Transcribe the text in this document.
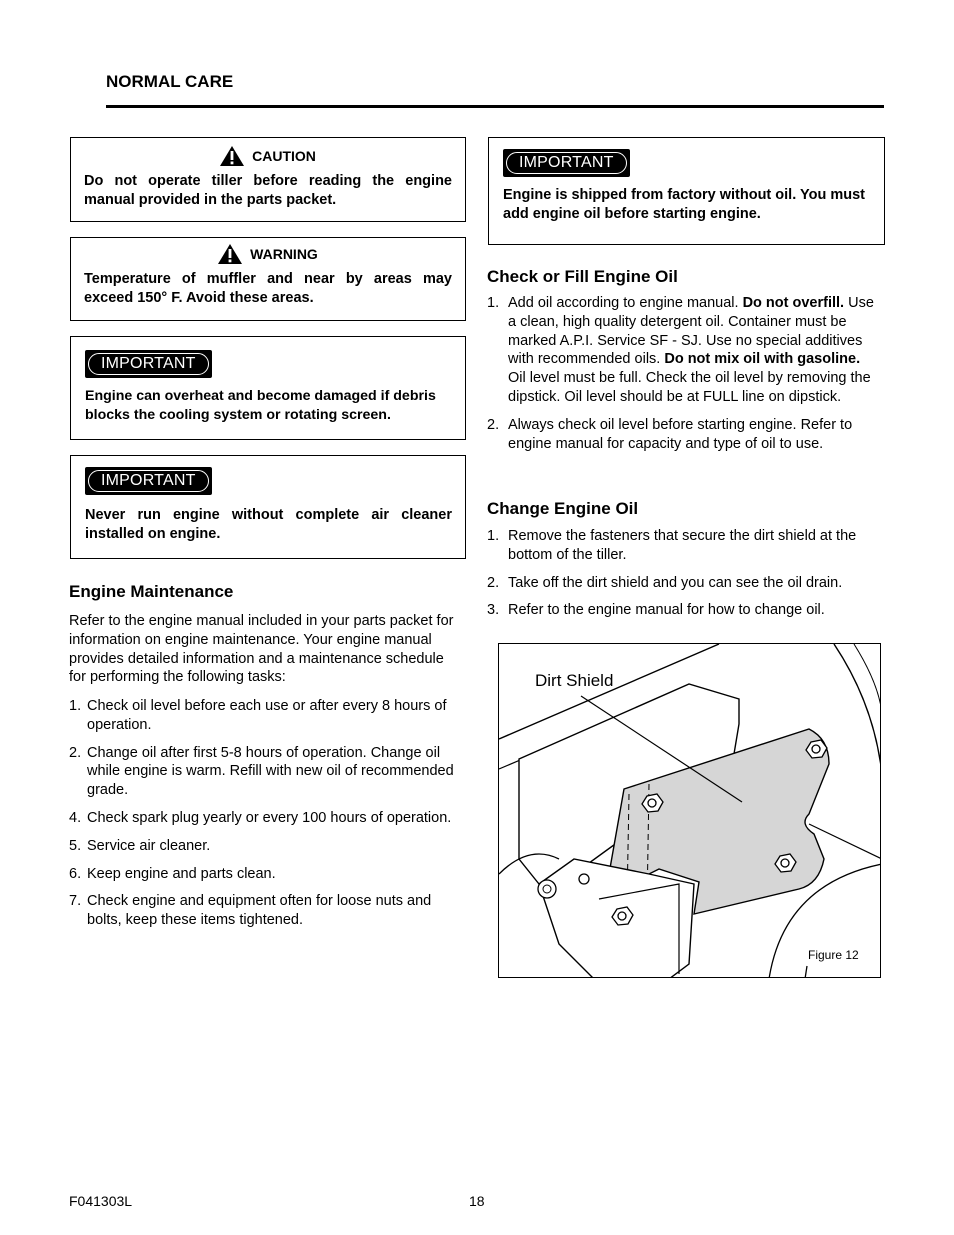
NORMAL CARE
CAUTION
Do not operate tiller before reading the engine manual provided in the parts packet.
WARNING
Temperature of muffler and near by areas may exceed 150° F. Avoid these areas.
IMPORTANT
Engine can overheat and become damaged if debris blocks the cooling system or rotating screen.
IMPORTANT
Never run engine without complete air cleaner installed on engine.
IMPORTANT
Engine is shipped from factory without oil. You must add engine oil before starting engine.
Engine Maintenance
Refer to the engine manual included in your parts packet for information on engine maintenance. Your engine manual provides detailed information and a maintenance schedule for performing the following tasks:
1. Check oil level before each use or after every 8 hours of operation.
2. Change oil after first 5-8 hours of operation. Change oil while engine is warm. Refill with new oil of recommended grade.
4. Check spark plug yearly or every 100 hours of operation.
5. Service air cleaner.
6. Keep engine and parts clean.
7. Check engine and equipment often for loose nuts and bolts, keep these items tightened.
Check or Fill Engine Oil
1. Add oil according to engine manual. Do not overfill. Use a clean, high quality detergent oil. Container must be marked A.P.I. Service SF - SJ. Use no special additives with recommended oils. Do not mix oil with gasoline. Oil level must be full. Check the oil level by removing the dipstick. Oil level should be at FULL line on dipstick.
2. Always check oil level before starting engine. Refer to engine manual for capacity and type of oil to use.
Change Engine Oil
1. Remove the fasteners that secure the dirt shield at the bottom of the tiller.
2. Take off the dirt shield and you can see the oil drain.
3. Refer to the engine manual for how to change oil.
Dirt Shield
Figure 12
F041303L	18
